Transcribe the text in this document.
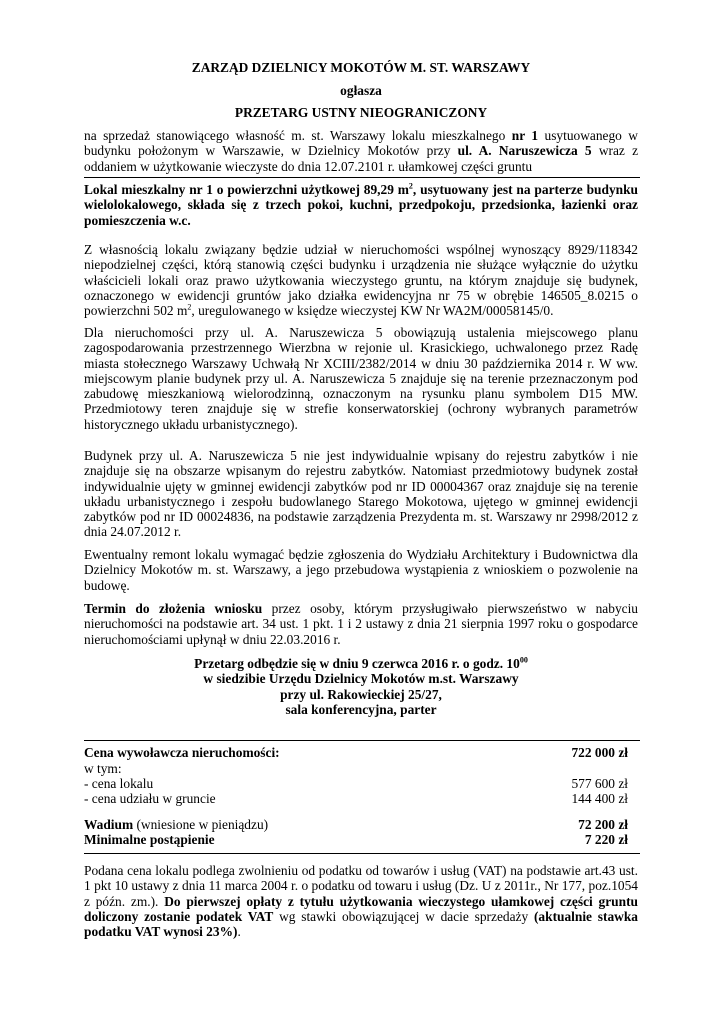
ZARZĄD DZIELNICY MOKOTÓW M. ST. WARSZAWY

ogłasza

PRZETARG USTNY NIEOGRANICZONY

na sprzedaż stanowiącego własność m. st. Warszawy lokalu mieszkalnego nr 1 usytuowanego w budynku położonym w Warszawie, w Dzielnicy Mokotów przy ul. A. Naruszewicza 5 wraz z oddaniem w użytkowanie wieczyste do dnia 12.07.2101 r. ułamkowej części gruntu

Lokal mieszkalny nr 1 o powierzchni użytkowej 89,29 $m^2$, usytuowany jest na parterze budynku wielolokalowego, składa się z trzech pokoi, kuchni, przedpokoju, przedsionka, łazienki oraz pomieszczenia w.c.

Z własnością lokalu związany będzie udział w nieruchomości wspólnej wynoszący 8929/118342 niepodzielnej części, którą stanowią części budynku i urządzenia nie służące wyłącznie do użytku właścicieli lokali oraz prawo użytkowania wieczystego gruntu, na którym znajduje się budynek, oznaczonego w ewidencji gruntów jako działka ewidencyjna nr 75 w obrębie 146505_8.0215 o powierzchni 502 $m^2$, uregulowanego w księdze wieczystej KW Nr WA2M/00058145/0.

Dla nieruchomości przy ul. A. Naruszewicza 5 obowiązują ustalenia miejscowego planu zagospodarowania przestrzennego Wierzbna w rejonie ul. Krasickiego, uchwalonego przez Radę miasta stołecznego Warszawy Uchwałą Nr XCIII/2382/2014 w dniu 30 października 2014 r. W ww. miejscowym planie budynek przy ul. A. Naruszewicza 5 znajduje się na terenie przeznaczonym pod zabudowę mieszkaniową wielorodzinną, oznaczonym na rysunku planu symbolem D15 MW. Przedmiotowy teren znajduje się w strefie konserwatorskiej (ochrony wybranych parametrów historycznego układu urbanistycznego).

Budynek przy ul. A. Naruszewicza 5 nie jest indywidualnie wpisany do rejestru zabytków i nie znajduje się na obszarze wpisanym do rejestru zabytków. Natomiast przedmiotowy budynek został indywidualnie ujęty w gminnej ewidencji zabytków pod nr ID 00004367 oraz znajduje się na terenie układu urbanistycznego i zespołu budowlanego Starego Mokotowa, ujętego w gminnej ewidencji zabytków pod nr ID 00024836, na podstawie zarządzenia Prezydenta m. st. Warszawy nr 2998/2012 z dnia 24.07.2012 r.

Ewentualny remont lokalu wymagać będzie zgłoszenia do Wydziału Architektury i Budownictwa dla Dzielnicy Mokotów m. st. Warszawy, a jego przebudowa wystąpienia z wnioskiem o pozwolenie na budowę.

Termin do złożenia wniosku przez osoby, którym przysługiwało pierwszeństwo w nabyciu nieruchomości na podstawie art. 34 ust. 1 pkt. 1 i 2 ustawy z dnia 21 sierpnia 1997 roku o gospodarce nieruchomościami upłynął w dniu 22.03.2016 r.

Przetarg odbędzie się w dniu 9 czerwca 2016 r. o godz. $10^{00}$
w siedzibie Urzędu Dzielnicy Mokotów m.st. Warszawy
przy ul. Rakowieckiej 25/27,
sala konferencyjna, parter
Cena wywoławcza nieruchomości:	722 000 zł
w tym:
- cena lokalu	577 600 zł
- cena udziału w gruncie	144 400 zł
Wadium (wniesione w pieniądzu)	72 200 zł
Minimalne postąpienie	7 220 zł

Podana cena lokalu podlega zwolnieniu od podatku od towarów i usług (VAT) na podstawie art.43 ust. 1 pkt 10 ustawy z dnia 11 marca 2004 r. o podatku od towaru i usług (Dz. U z 2011r., Nr 177, poz.1054 z późn. zm.). Do pierwszej opłaty z tytułu użytkowania wieczystego ułamkowej części gruntu doliczony zostanie podatek VAT wg stawki obowiązującej w dacie sprzedaży (aktualnie stawka podatku VAT wynosi 23%).
